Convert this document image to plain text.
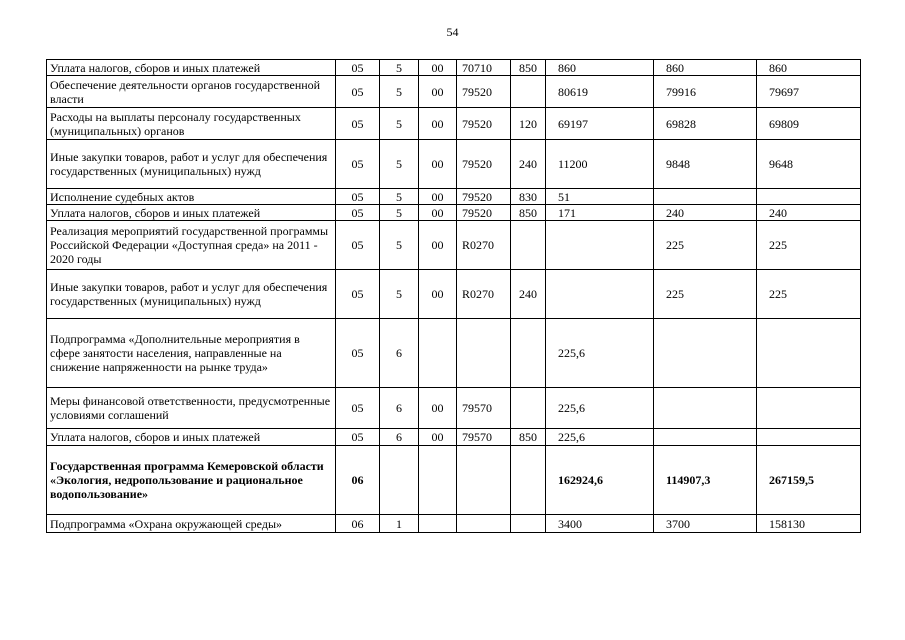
54
Уплата налогов, сборов и иных платежей	05	5	00	70710	850	860	860	860
Обеспечение деятельности органов государственной власти	05	5	00	79520		80619	79916	79697
Расходы на выплаты персоналу государственных (муниципальных) органов	05	5	00	79520	120	69197	69828	69809
Иные закупки товаров, работ и услуг для обеспечения государственных (муниципальных) нужд	05	5	00	79520	240	11200	9848	9648
Исполнение судебных актов	05	5	00	79520	830	51		
Уплата налогов, сборов и иных платежей	05	5	00	79520	850	171	240	240
Реализация мероприятий государственной программы Российской Федерации «Доступная среда» на 2011 - 2020 годы	05	5	00	R0270			225	225
Иные закупки товаров, работ и услуг для обеспечения государственных (муниципальных) нужд	05	5	00	R0270	240		225	225
Подпрограмма «Дополнительные мероприятия в сфере занятости населения, направленные на снижение напряженности на рынке труда»	05	6				225,6		
Меры финансовой ответственности, предусмотренные условиями соглашений	05	6	00	79570		225,6		
Уплата налогов, сборов и иных платежей	05	6	00	79570	850	225,6		
Государственная программа Кемеровской области «Экология, недропользование и рациональное водопользование»	06					162924,6	114907,3	267159,5
Подпрограмма «Охрана окружающей среды»	06	1				3400	3700	158130
